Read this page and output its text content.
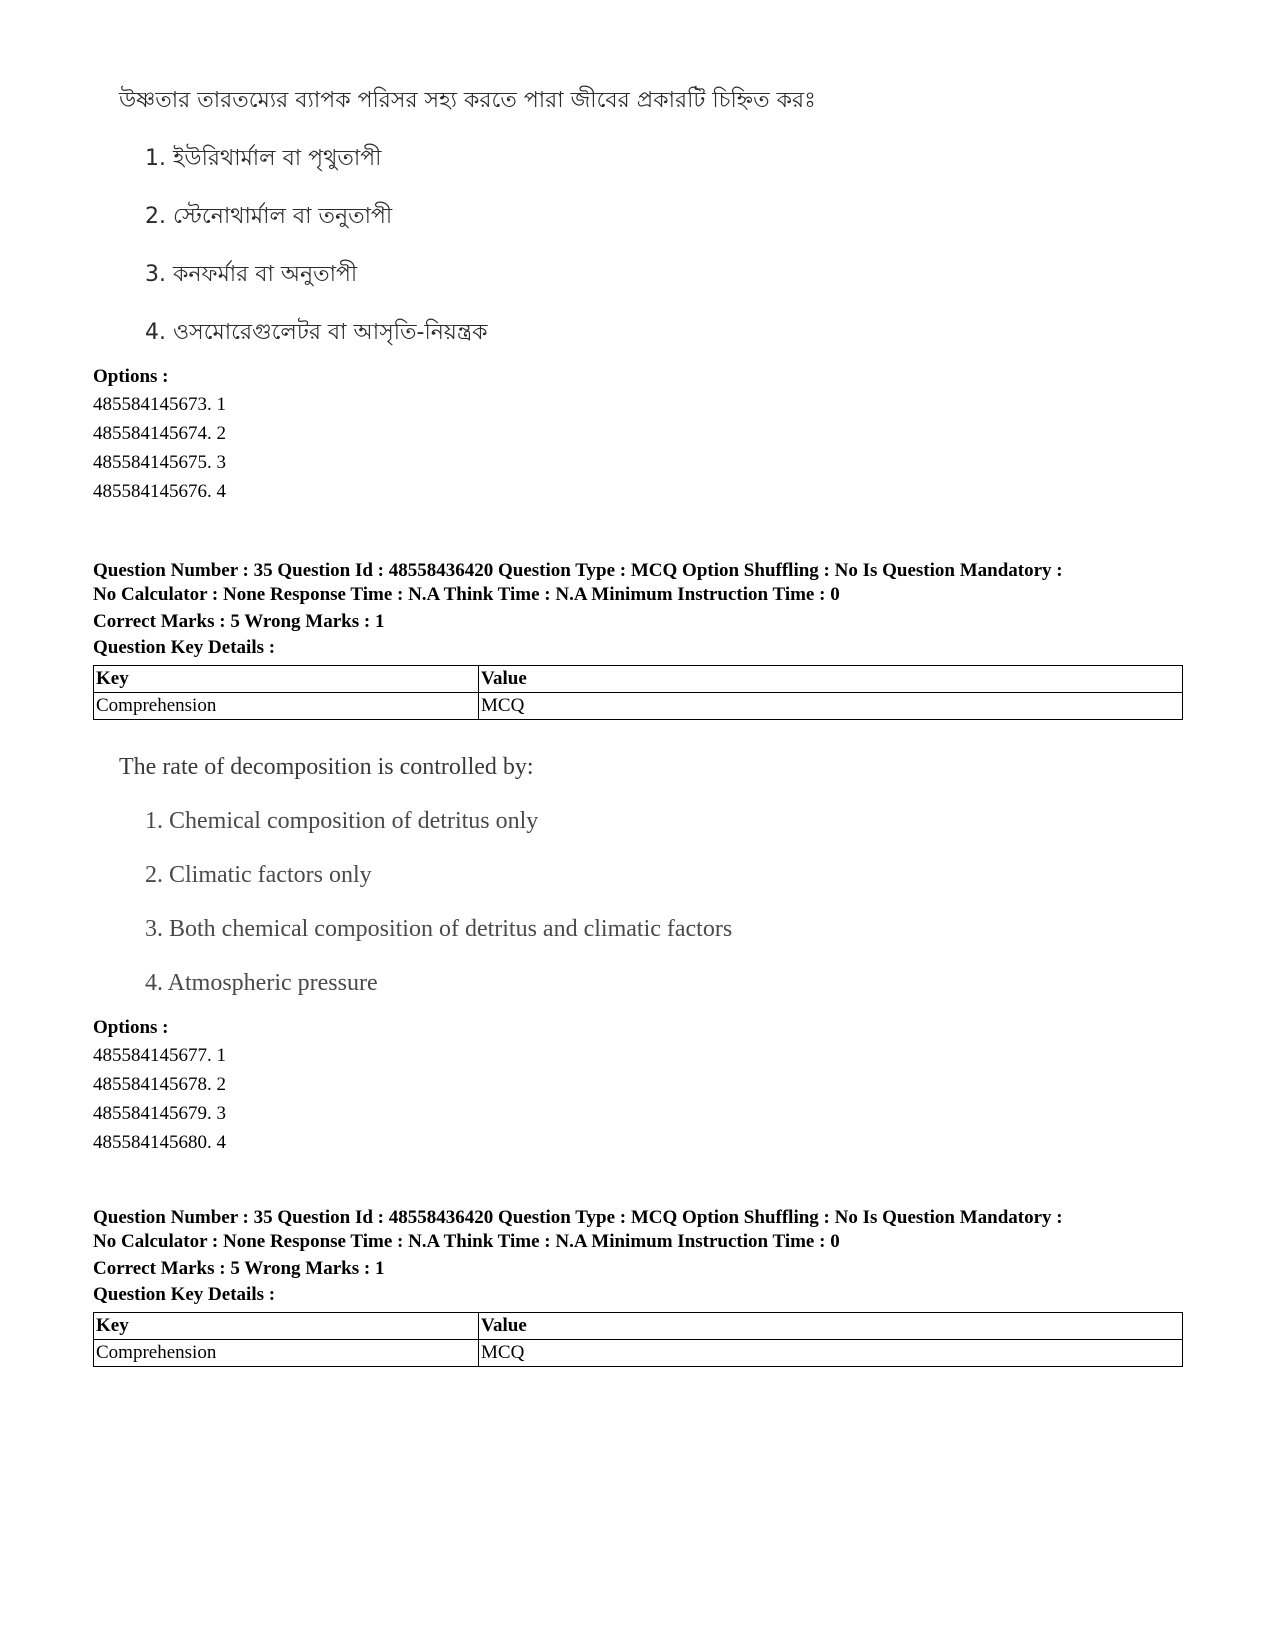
উষ্ণতার তারতম্যের ব্যাপক পরিসর সহ্য করতে পারা জীবের প্রকারটি চিহ্নিত করঃ
1. ইউরিথার্মাল বা পৃথুতাপী
2. স্টেনোথার্মাল বা তনুতাপী
3. কনফর্মার বা অনুতাপী
4. ওসমোরেগুলেটর বা আসৃতি-নিয়ন্ত্রক
Options :
485584145673. 1
485584145674. 2
485584145675. 3
485584145676. 4
Question Number : 35 Question Id : 48558436420 Question Type : MCQ Option Shuffling : No Is Question Mandatory :
No Calculator : None Response Time : N.A Think Time : N.A Minimum Instruction Time : 0
Correct Marks : 5 Wrong Marks : 1
Question Key Details :
Key	Value
Comprehension	MCQ
The rate of decomposition is controlled by:
1. Chemical composition of detritus only
2. Climatic factors only
3. Both chemical composition of detritus and climatic factors
4. Atmospheric pressure
Options :
485584145677. 1
485584145678. 2
485584145679. 3
485584145680. 4
Question Number : 35 Question Id : 48558436420 Question Type : MCQ Option Shuffling : No Is Question Mandatory :
No Calculator : None Response Time : N.A Think Time : N.A Minimum Instruction Time : 0
Correct Marks : 5 Wrong Marks : 1
Question Key Details :
Key	Value
Comprehension	MCQ
